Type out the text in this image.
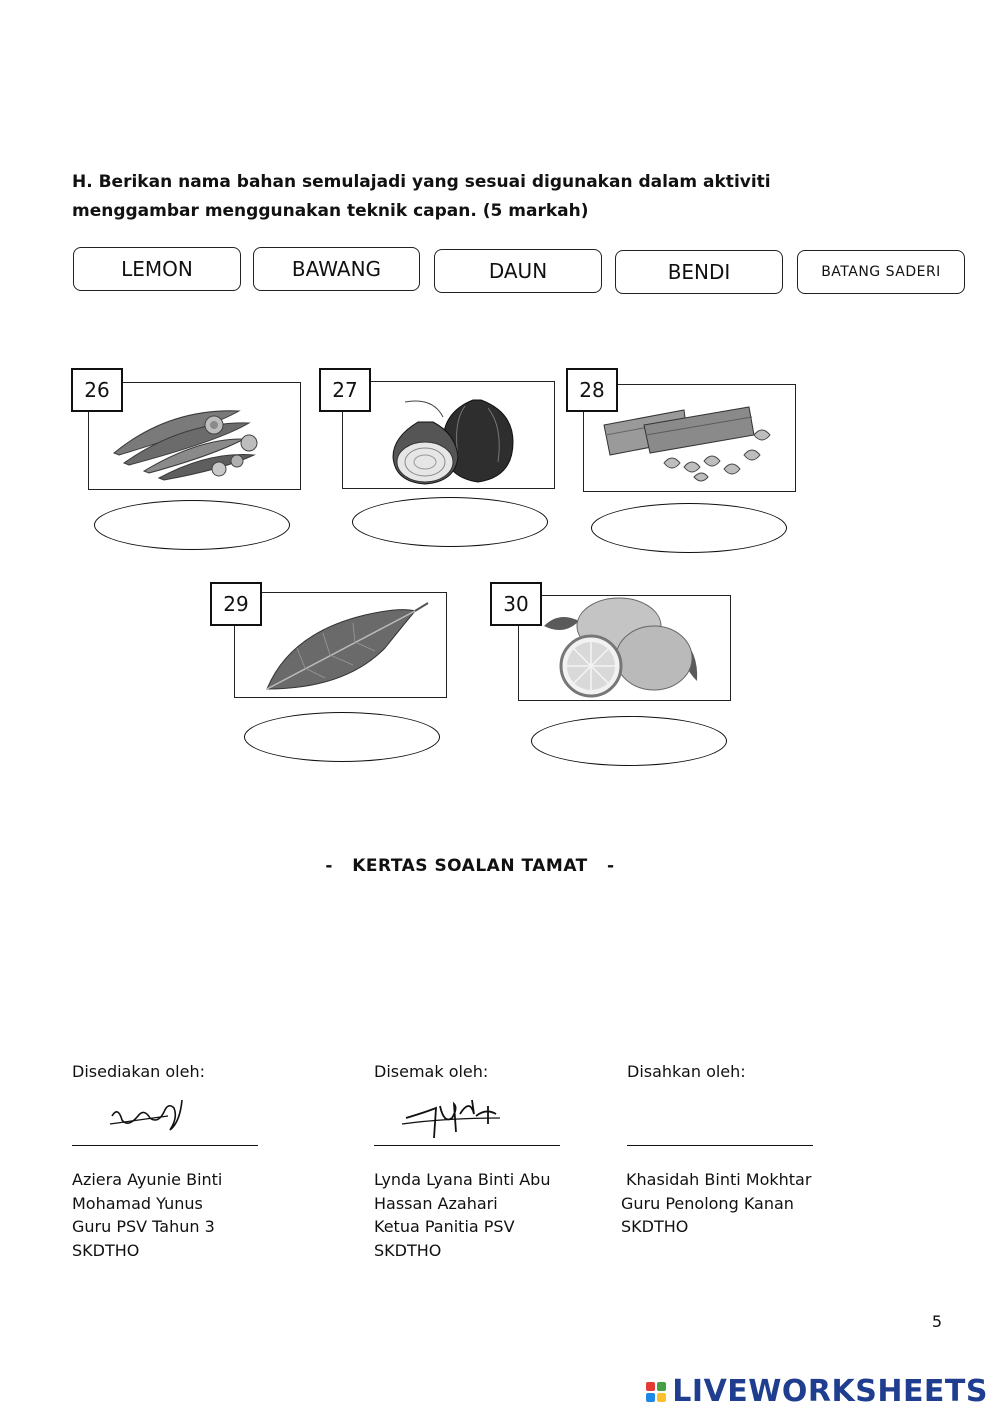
H. Berikan nama bahan semulajadi yang sesuai digunakan dalam aktiviti menggambar menggunakan teknik capan. (5 markah)
LEMON	BAWANG	DAUN	BENDI	BATANG SADERI
26	27	28
29	30
-   KERTAS SOALAN TAMAT   -
Disediakan oleh:
Aziera Ayunie Binti
Mohamad Yunus
Guru PSV Tahun 3
SKDTHO
Disemak oleh:
Lynda Lyana Binti Abu
Hassan Azahari
Ketua Panitia PSV
SKDTHO
Disahkan oleh:
Khasidah Binti Mokhtar
Guru Penolong Kanan
SKDTHO
5
LIVEWORKSHEETS
